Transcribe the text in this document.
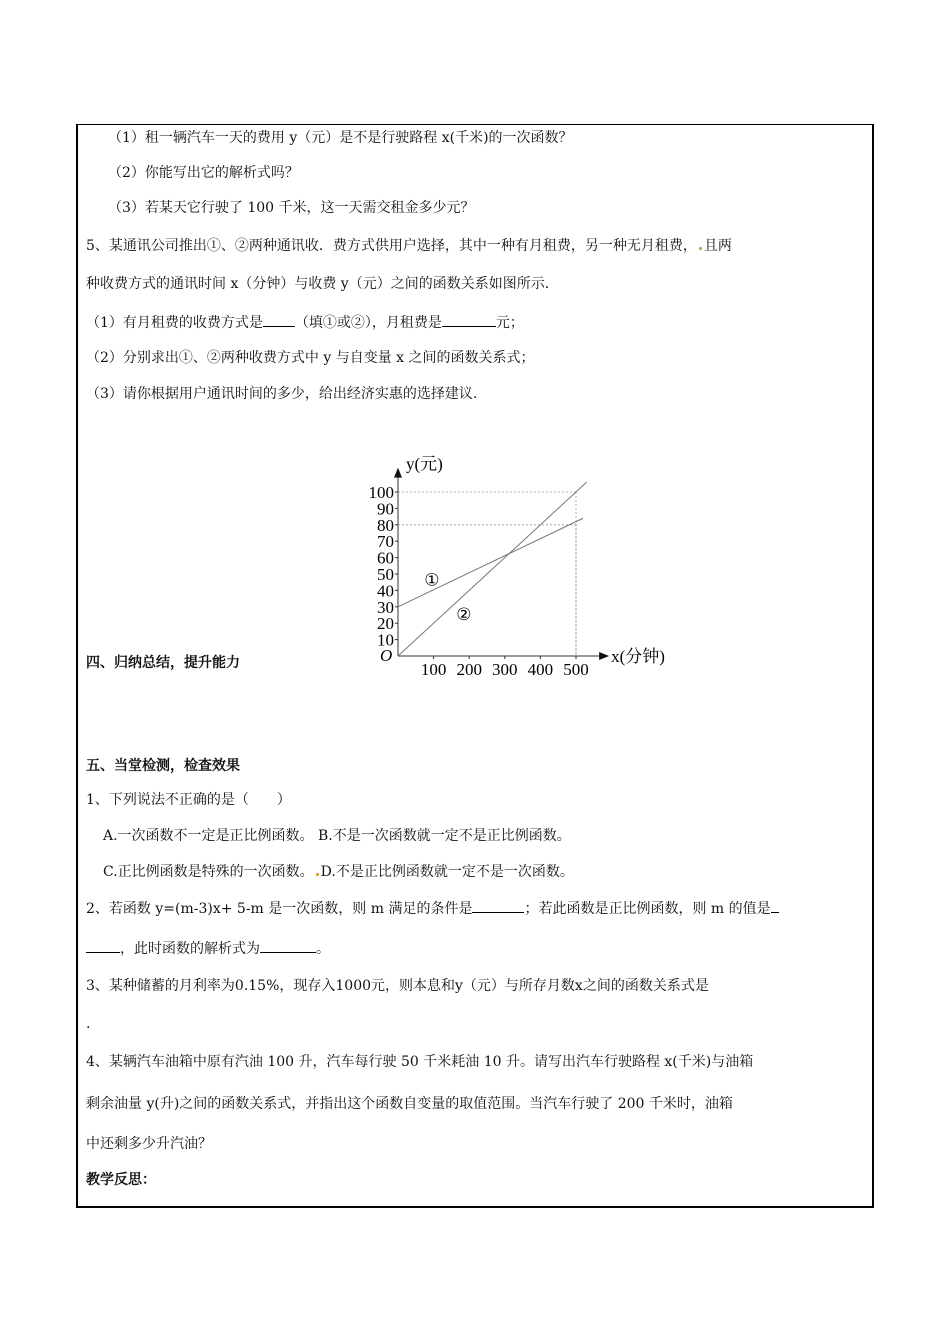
（1）租一辆汽车一天的费用 y（元）是不是行驶路程 x(千米)的一次函数？
（2）你能写出它的解析式吗？
（3）若某天它行驶了 100 千米，这一天需交租金多少元？
5、某通讯公司推出①、②两种通讯收．费方式供用户选择，其中一种有月租费，另一种无月租费， 且两
种收费方式的通讯时间 x（分钟）与收费 y（元）之间的函数关系如图所示．
（1）有月租费的收费方式是 （填①或②），月租费是	元；
（2）分别求出①、②两种收费方式中 y 与自变量 x 之间的函数关系式；
（3）请你根据用户通讯时间的多少，给出经济实惠的选择建议.
y(元)
x(分钟)
O
10
20
30
40
50
60
70
80
90
100
100 200 300 400 500
①
②
四、归纳总结，提升能力
五、当堂检测，检查效果
1、下列说法不正确的是（　　）
A.一次函数不一定是正比例函数。 B.不是一次函数就一定不是正比例函数。
C.正比例函数是特殊的一次函数。 D.不是正比例函数就一定不是一次函数。
2、若函数 y=(m-3)x+ 5-m 是一次函数，则 m 满足的条件是	；若此函数是正比例函数，则 m 的值是
，此时函数的解析式为	。
3、某种储蓄的月利率为0.15%，现存入1000元，则本息和y（元）与所存月数x之间的函数关系式是
.
4、某辆汽车油箱中原有汽油 100 升，汽车每行驶 50 千米耗油 10 升。请写出汽车行驶路程 x(千米)与油箱
剩余油量 y(升)之间的函数关系式，并指出这个函数自变量的取值范围。当汽车行驶了 200 千米时，油箱
中还剩多少升汽油？
教学反思：
